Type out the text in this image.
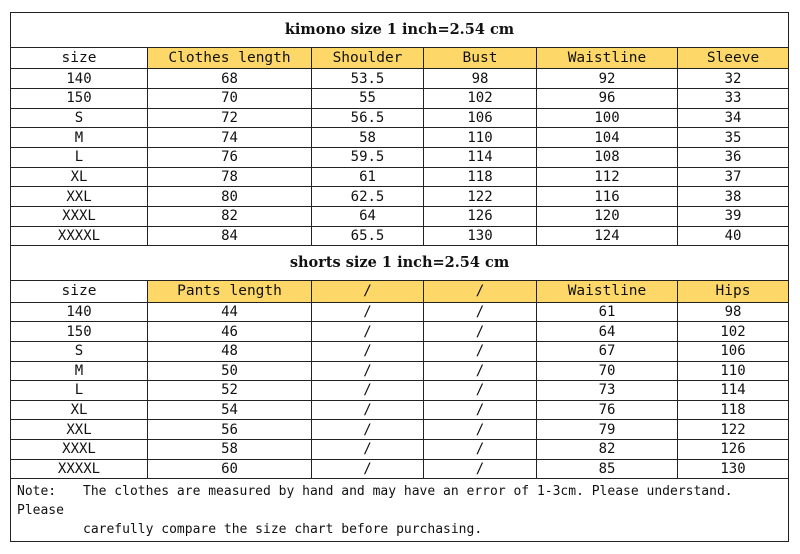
kimono size 1 inch=2.54 cm					
size	Clothes length	Shoulder	Bust	Waistline	Sleeve
140	68	53.5	98	92	32
150	70	55	102	96	33
S	72	56.5	106	100	34
M	74	58	110	104	35
L	76	59.5	114	108	36
XL	78	61	118	112	37
XXL	80	62.5	122	116	38
XXXL	82	64	126	120	39
XXXXL	84	65.5	130	124	40
shorts size 1 inch=2.54 cm					
size	Pants length	/	/	Waistline	Hips
140	44	/	/	61	98
150	46	/	/	64	102
S	48	/	/	67	106
M	50	/	/	70	110
L	52	/	/	73	114
XL	54	/	/	76	118
XXL	56	/	/	79	122
XXXL	58	/	/	82	126
XXXXL	60	/	/	85	130
Note: The clothes are measured by hand and may have an error of 1-3cm. Please understand. Please
carefully compare the size chart before purchasing.					
